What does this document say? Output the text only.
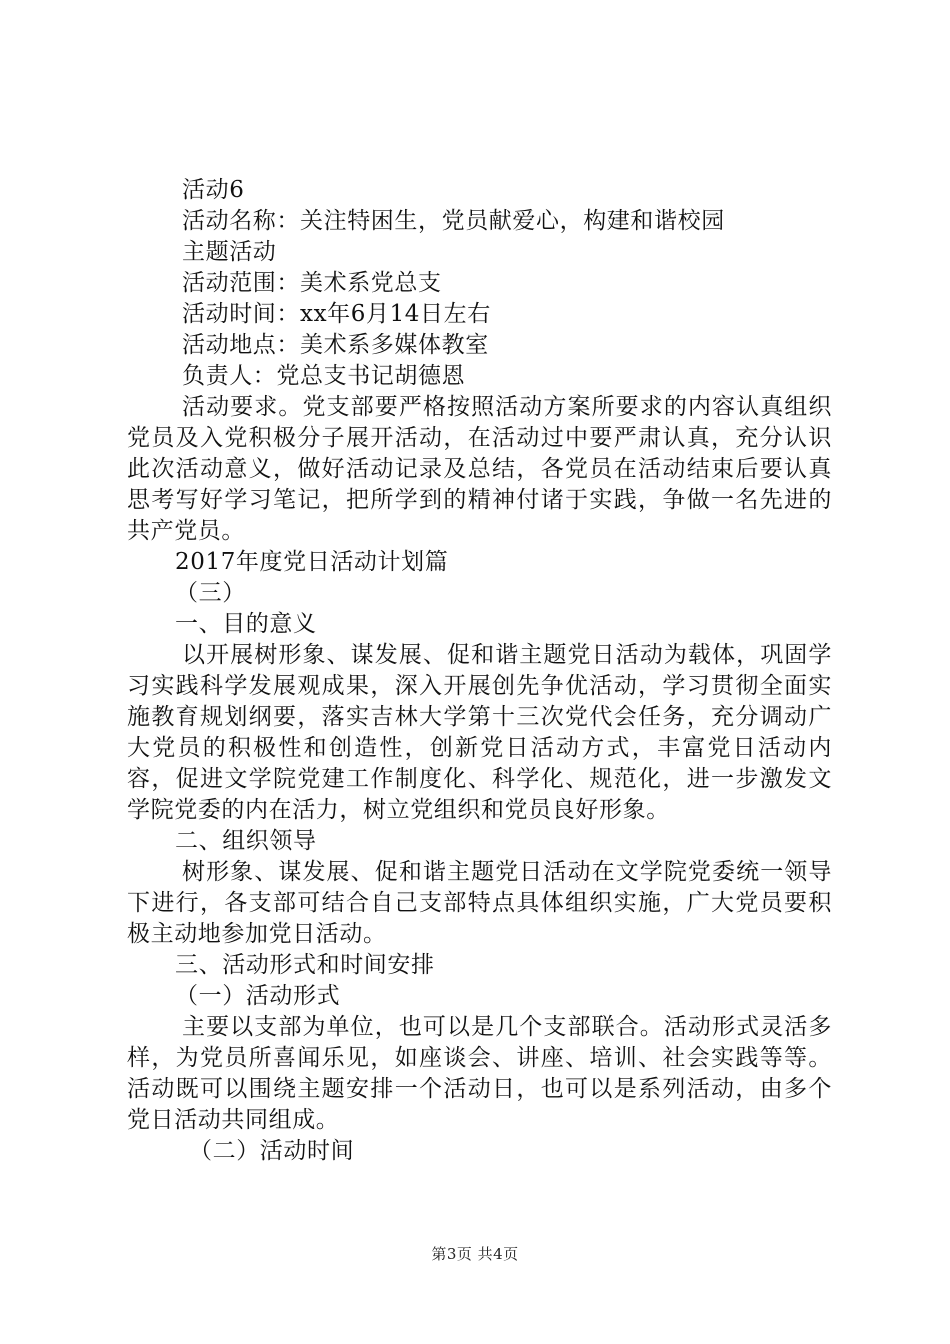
活动6
活动名称：关注特困生，党员献爱心，构建和谐校园
主题活动
活动范围：美术系党总支
活动时间：xx年6月14日左右
活动地点：美术系多媒体教室
负责人：党总支书记胡德恩

活动要求。党支部要严格按照活动方案所要求的内容认真组织党员及入党积极分子展开活动，在活动过中要严肃认真，充分认识此次活动意义，做好活动记录及总结，各党员在活动结束后要认真思考写好学习笔记，把所学到的精神付诸于实践，争做一名先进的共产党员。

2017年度党日活动计划篇
（三）
一、目的意义

以开展树形象、谋发展、促和谐主题党日活动为载体，巩固学习实践科学发展观成果，深入开展创先争优活动，学习贯彻全面实施教育规划纲要，落实吉林大学第十三次党代会任务，充分调动广大党员的积极性和创造性，创新党日活动方式，丰富党日活动内容，促进文学院党建工作制度化、科学化、规范化，进一步激发文学院党委的内在活力，树立党组织和党员良好形象。

二、组织领导

树形象、谋发展、促和谐主题党日活动在文学院党委统一领导下进行，各支部可结合自己支部特点具体组织实施，广大党员要积极主动地参加党日活动。

三、活动形式和时间安排
（一）活动形式

主要以支部为单位，也可以是几个支部联合。活动形式灵活多样，为党员所喜闻乐见，如座谈会、讲座、培训、社会实践等等。活动既可以围绕主题安排一个活动日，也可以是系列活动，由多个党日活动共同组成。

（二）活动时间
第3页 共4页
